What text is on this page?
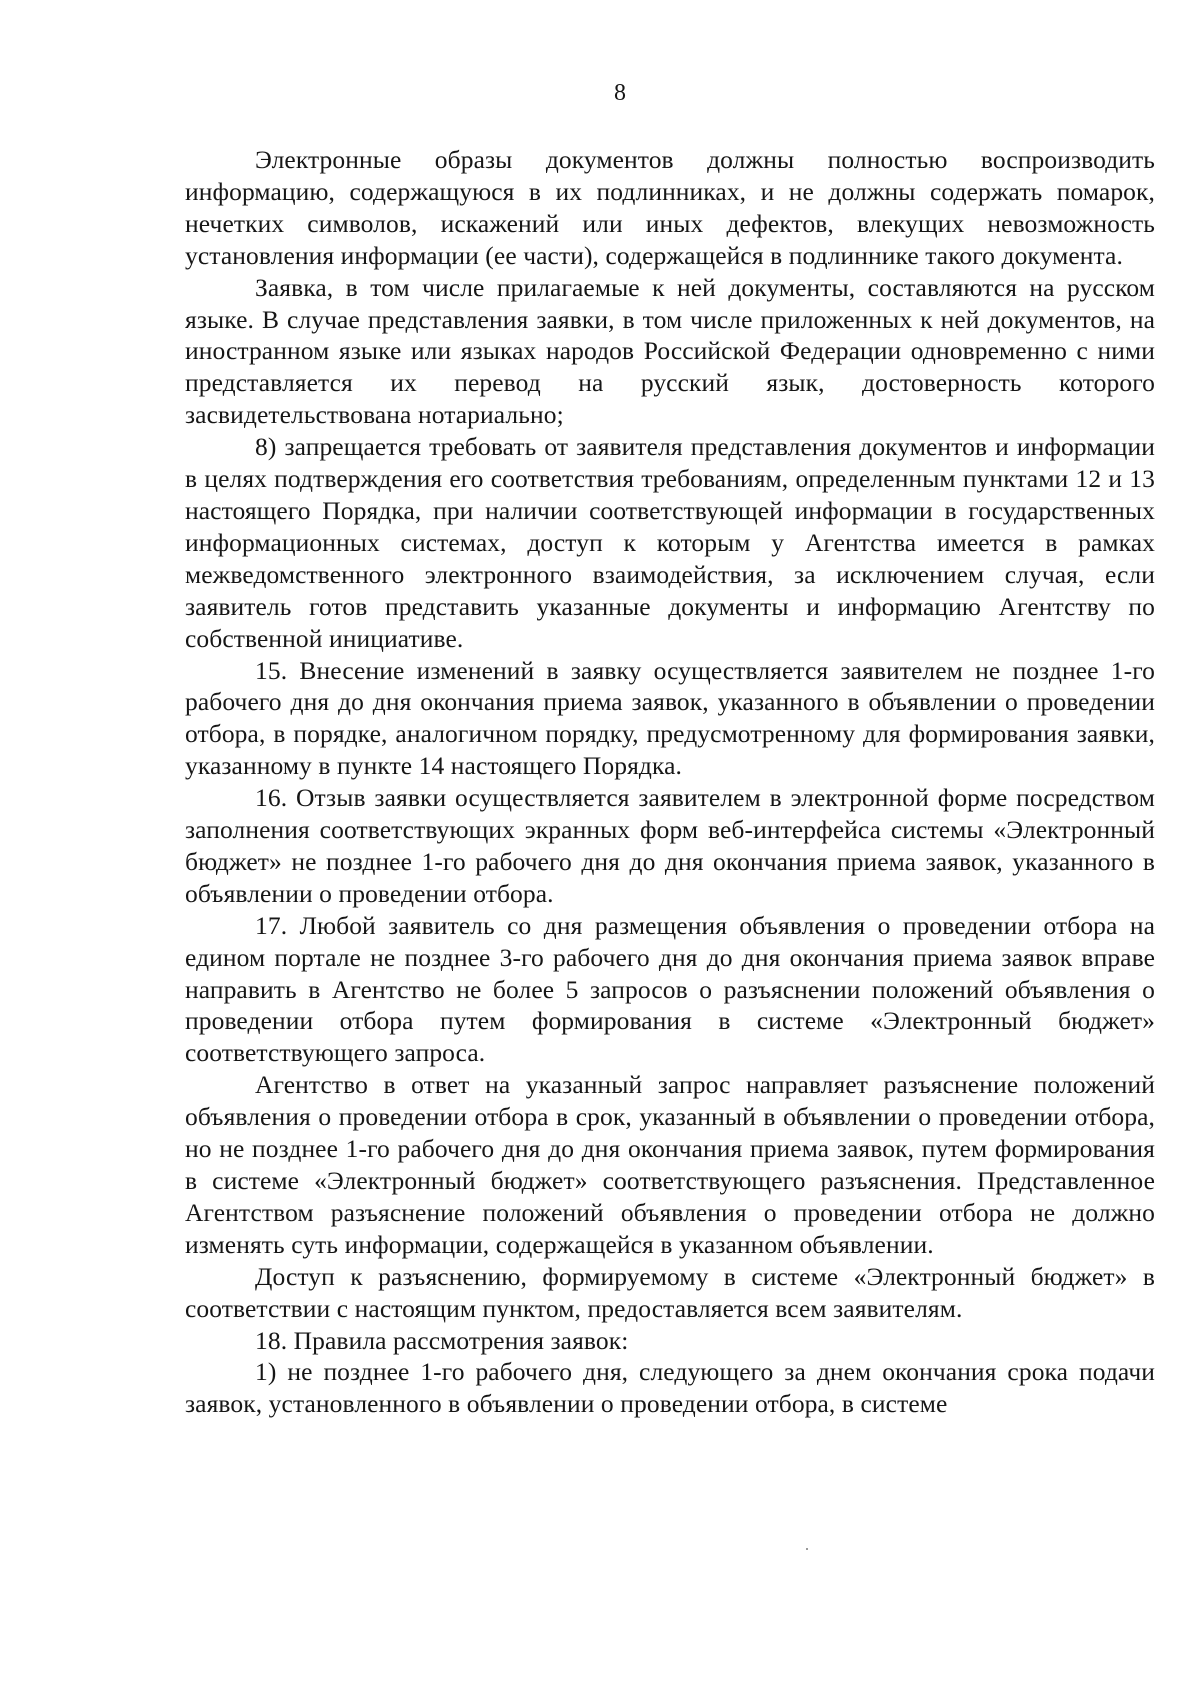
8

Электронные образы документов должны полностью воспроизводить информацию, содержащуюся в их подлинниках, и не должны содержать помарок, нечетких символов, искажений или иных дефектов, влекущих невозможность установления информации (ее части), содержащейся в подлиннике такого документа.

Заявка, в том числе прилагаемые к ней документы, составляются на русском языке. В случае представления заявки, в том числе приложенных к ней документов, на иностранном языке или языках народов Российской Федерации одновременно с ними представляется их перевод на русский язык, достоверность которого засвидетельствована нотариально;

8) запрещается требовать от заявителя представления документов и информации в целях подтверждения его соответствия требованиям, определенным пунктами 12 и 13 настоящего Порядка, при наличии соответствующей информации в государственных информационных системах, доступ к которым у Агентства имеется в рамках межведомственного электронного взаимодействия, за исключением случая, если заявитель готов представить указанные документы и информацию Агентству по собственной инициативе.

15. Внесение изменений в заявку осуществляется заявителем не позднее 1-го рабочего дня до дня окончания приема заявок, указанного в объявлении о проведении отбора, в порядке, аналогичном порядку, предусмотренному для формирования заявки, указанному в пункте 14 настоящего Порядка.

16. Отзыв заявки осуществляется заявителем в электронной форме посредством заполнения соответствующих экранных форм веб-интерфейса системы «Электронный бюджет» не позднее 1-го рабочего дня до дня окончания приема заявок, указанного в объявлении о проведении отбора.

17. Любой заявитель со дня размещения объявления о проведении отбора на едином портале не позднее 3-го рабочего дня до дня окончания приема заявок вправе направить в Агентство не более 5 запросов о разъяснении положений объявления о проведении отбора путем формирования в системе «Электронный бюджет» соответствующего запроса.

Агентство в ответ на указанный запрос направляет разъяснение положений объявления о проведении отбора в срок, указанный в объявлении о проведении отбора, но не позднее 1-го рабочего дня до дня окончания приема заявок, путем формирования в системе «Электронный бюджет» соответствующего разъяснения. Представленное Агентством разъяснение положений объявления о проведении отбора не должно изменять суть информации, содержащейся в указанном объявлении.

Доступ к разъяснению, формируемому в системе «Электронный бюджет» в соответствии с настоящим пунктом, предоставляется всем заявителям.

18. Правила рассмотрения заявок:

1) не позднее 1-го рабочего дня, следующего за днем окончания срока подачи заявок, установленного в объявлении о проведении отбора, в системе
